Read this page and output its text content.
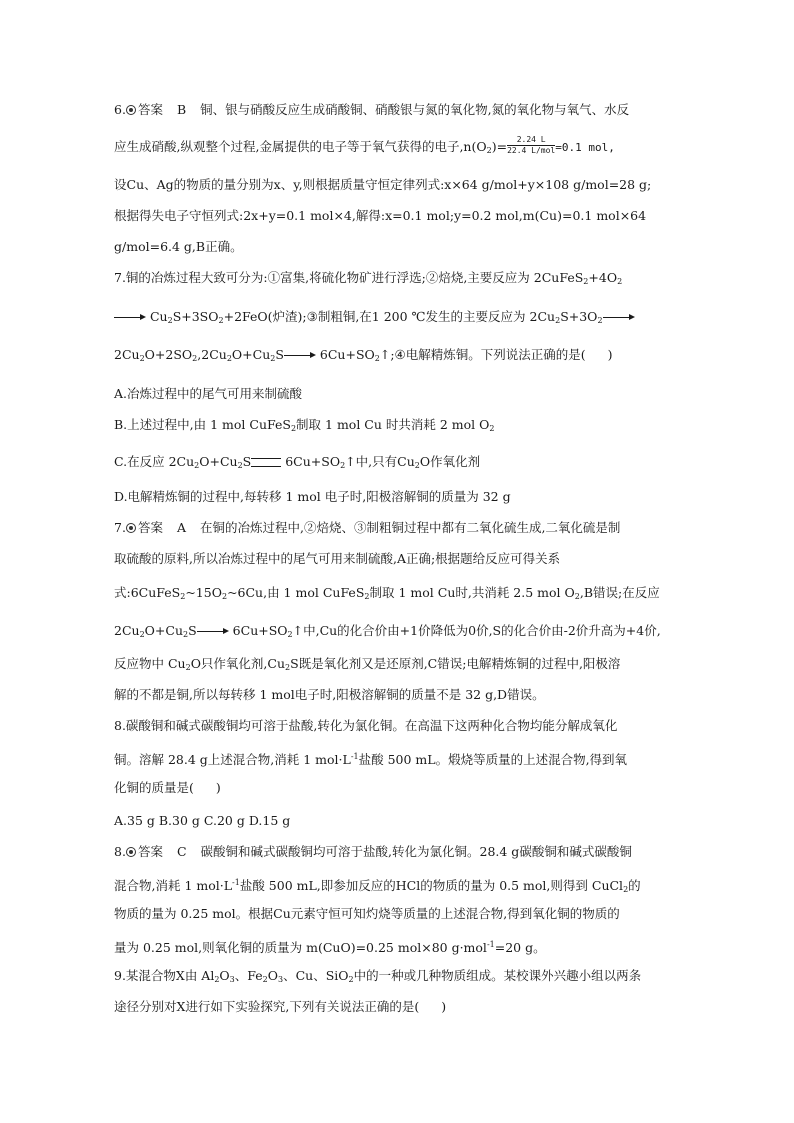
6. 答案 B 铜、银与硝酸反应生成硝酸铜、硝酸银与氮的氧化物,氮的氧化物与氧气、水反
应生成硝酸,纵观整个过程,金属提供的电子等于氧气获得的电子$,n(O_2)= \frac{2.24 L}{\text{22.4 L/mol}} =0.1$ mol,
设Cu、Ag的物质的量分别为x、y,则根据质量守恒定律列式:x×64 g/mol+y×108 g/mol=28 g;
根据得失电子守恒列式:2x+y=0.1 mol×4,解得:x=0.1 mol;y=0.2 mol,m(Cu)=0.1 mol×64
g/mol=6.4 g,B正确。
7.铜的冶炼过程大致可分为:①富集,将硫化物矿进行浮选;②焙烧,主要反应为 $2CuFeS_2+4O_2$
$Cu_2S+3SO_2+2FeO$(炉渣);③制粗铜,在1 200 ℃发生的主要反应为 $2Cu_2S+3O_2$
$2Cu_2O+2SO_2,2Cu_2O+Cu_2S$	$6Cu+SO_2↑;④$电解精炼铜。下列说法正确的是( )
A.冶炼过程中的尾气可用来制硫酸
B.上述过程中,由 1 mol CuFeS$_2$制取 1 mol Cu 时共消耗 2 mol $O_2$
C.在反应 $2Cu_2O+Cu_2S$	$6Cu+SO_2↑$中,只有$Cu_2O$作氧化剂
D.电解精炼铜的过程中,每转移 1 mol 电子时,阳极溶解铜的质量为 32 g
7. 答案 A 在铜的冶炼过程中,②焙烧、③制粗铜过程中都有二氧化硫生成,二氧化硫是制
取硫酸的原料,所以冶炼过程中的尾气可用来制硫酸,A正确;根据题给反应可得关系
式$:6CuFeS_2\sim 15O_2\sim 6Cu$,由 1 mol CuFeS$_2$制取 1 mol Cu时,共消耗 2.5 mol $O_2,B$错误;在反应
$2Cu_2O+Cu_2S$	$6Cu+SO_2↑$中,Cu的化合价由+1价降低为0价,S的化合价由-2价升高为+4价,
反应物中 $Cu_2O$只作氧化剂$,Cu_2S$既是氧化剂又是还原剂,C错误;电解精炼铜的过程中,阳极溶
解的不都是铜,所以每转移 1 mol电子时,阳极溶解铜的质量不是 32 g,D错误。
8.碳酸铜和碱式碳酸铜均可溶于盐酸,转化为氯化铜。在高温下这两种化合物均能分解成氧化
铜。溶解 28.4 g上述混合物,消耗 1 $mol\cdot L^{-1}$盐酸 500 mL。煅烧等质量的上述混合物,得到氧
化铜的质量是( )
A.35 g B.30 g C.20 g D.15 g
8. 答案 C 碳酸铜和碱式碳酸铜均可溶于盐酸,转化为氯化铜。28.4 g碳酸铜和碱式碳酸铜
混合物,消耗 1 $mol\cdot L^{-1}$盐酸 500 mL,即参加反应的HCl的物质的量为 0.5 mol,则得到 CuCl$_2$的
物质的量为 0.25 mol。根据Cu元素守恒可知灼烧等质量的上述混合物,得到氧化铜的物质的
量为 0.25 mol,则氧化铜的质量为 m(CuO)=0.25 mol×80 g·mol$^{-1}$=20 g。
9.某混合物X由 $Al_2O_3$、$Fe_2O_3$、Cu、SiO$_2$中的一种或几种物质组成。某校课外兴趣小组以两条
途径分别对X进行如下实验探究,下列有关说法正确的是( )
